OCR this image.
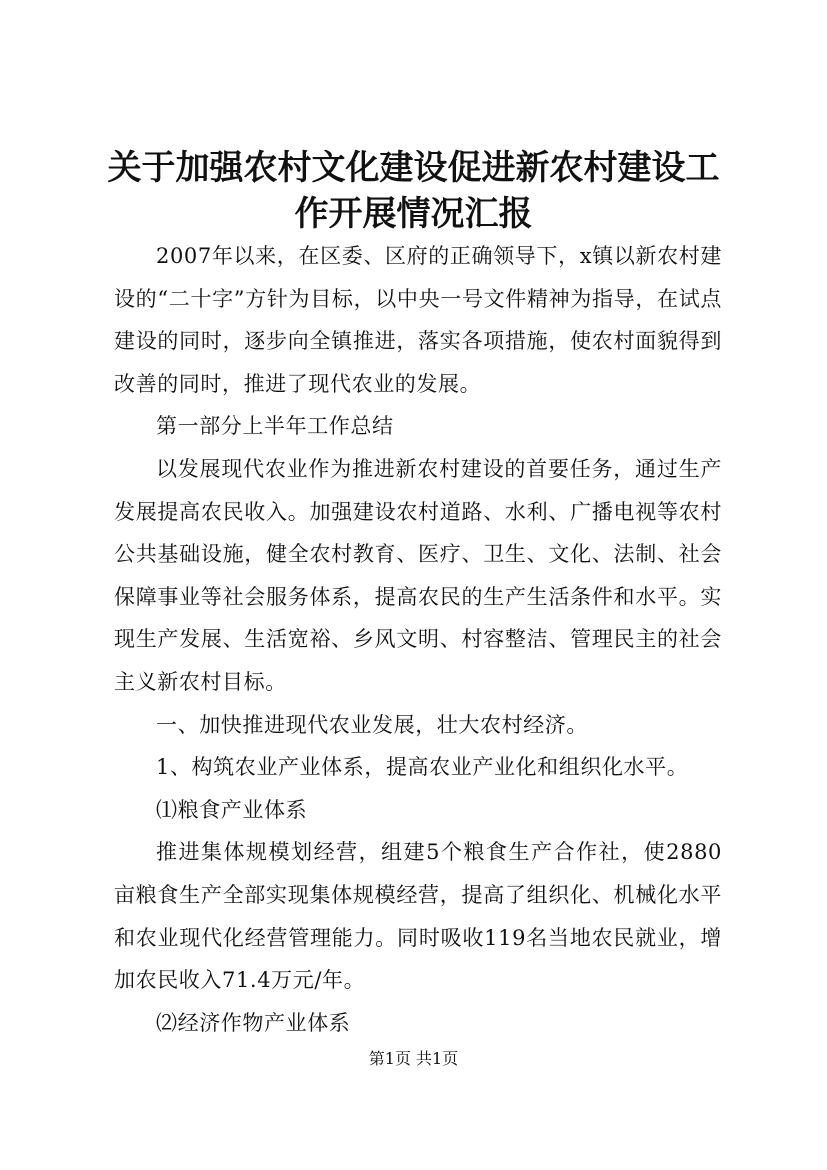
关于加强农村文化建设促进新农村建设工作开展情况汇报

2007年以来，在区委、区府的正确领导下，x镇以新农村建设的“二十字”方针为目标，以中央一号文件精神为指导，在试点建设的同时，逐步向全镇推进，落实各项措施，使农村面貌得到改善的同时，推进了现代农业的发展。

第一部分上半年工作总结

以发展现代农业作为推进新农村建设的首要任务，通过生产发展提高农民收入。加强建设农村道路、水利、广播电视等农村公共基础设施，健全农村教育、医疗、卫生、文化、法制、社会保障事业等社会服务体系，提高农民的生产生活条件和水平。实现生产发展、生活宽裕、乡风文明、村容整洁、管理民主的社会主义新农村目标。

一、加快推进现代农业发展，壮大农村经济。

1、构筑农业产业体系，提高农业产业化和组织化水平。

⑴粮食产业体系

推进集体规模划经营，组建5个粮食生产合作社，使2880亩粮食生产全部实现集体规模经营，提高了组织化、机械化水平和农业现代化经营管理能力。同时吸收119名当地农民就业，增加农民收入71.4万元/年。

⑵经济作物产业体系

第1页 共1页
